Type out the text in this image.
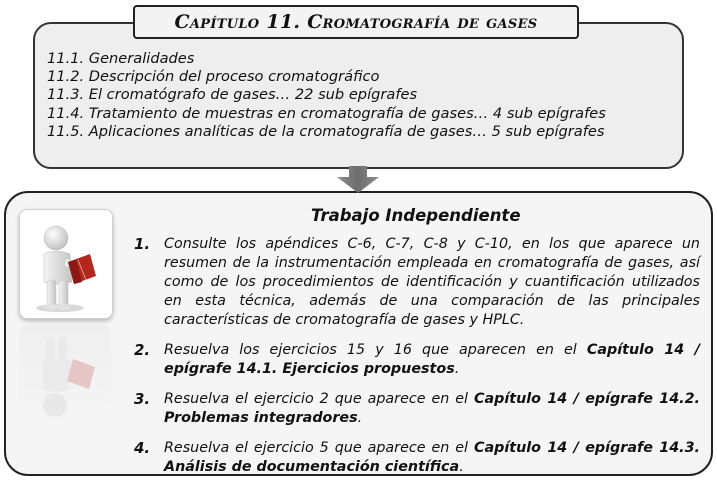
11.1. Generalidades
11.2. Descripción del proceso cromatográfico
11.3. El cromatógrafo de gases… 22 sub epígrafes
11.4. Tratamiento de muestras en cromatografía de gases… 4 sub epígrafes
11.5. Aplicaciones analíticas de la cromatografía de gases… 5 sub epígrafes
Capítulo 11. Cromatografía de gases
Trabajo Independiente
1. Consulte los apéndices C-6, C-7, C-8 y C-10, en los que aparece un resumen de la instrumentación empleada en cromatografía de gases, así como de los procedimientos de identificación y cuantificación utilizados en esta técnica, además de una comparación de las principales características de cromatografía de gases y HPLC.
2. Resuelva los ejercicios 15 y 16 que aparecen en el Capítulo 14 / epígrafe 14.1. Ejercicios propuestos.
3. Resuelva el ejercicio 2 que aparece en el Capítulo 14 / epígrafe 14.2. Problemas integradores.
4. Resuelva el ejercicio 5 que aparece en el Capítulo 14 / epígrafe 14.3. Análisis de documentación científica.
